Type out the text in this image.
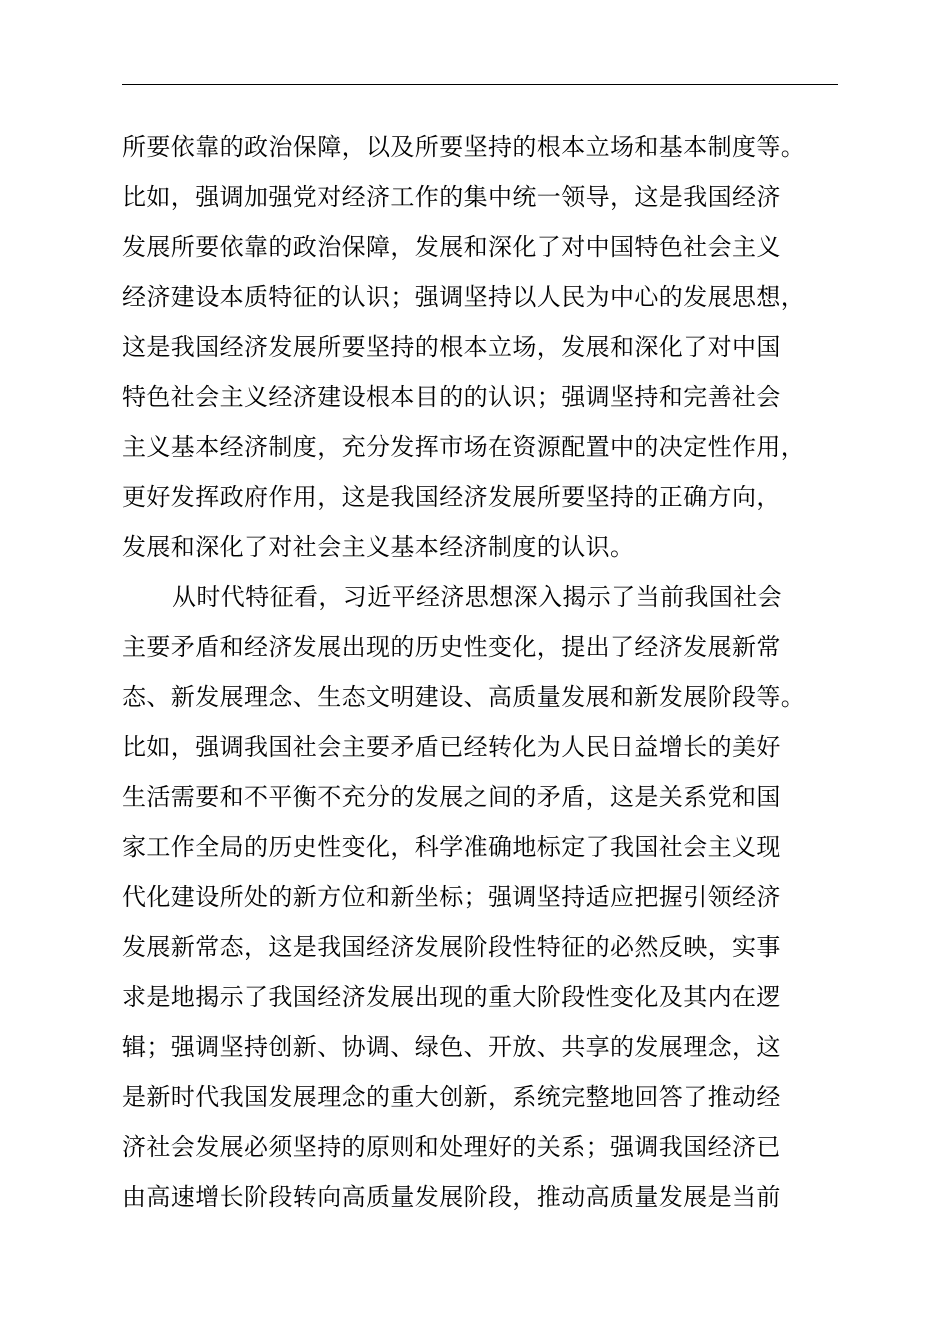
所要依靠的政治保障，以及所要坚持的根本立场和基本制度等。
比如，强调加强党对经济工作的集中统一领导，这是我国经济
发展所要依靠的政治保障，发展和深化了对中国特色社会主义
经济建设本质特征的认识；强调坚持以人民为中心的发展思想，
这是我国经济发展所要坚持的根本立场，发展和深化了对中国
特色社会主义经济建设根本目的的认识；强调坚持和完善社会
主义基本经济制度，充分发挥市场在资源配置中的决定性作用，
更好发挥政府作用，这是我国经济发展所要坚持的正确方向，
发展和深化了对社会主义基本经济制度的认识。
从时代特征看，习近平经济思想深入揭示了当前我国社会
主要矛盾和经济发展出现的历史性变化，提出了经济发展新常
态、新发展理念、生态文明建设、高质量发展和新发展阶段等。
比如，强调我国社会主要矛盾已经转化为人民日益增长的美好
生活需要和不平衡不充分的发展之间的矛盾，这是关系党和国
家工作全局的历史性变化，科学准确地标定了我国社会主义现
代化建设所处的新方位和新坐标；强调坚持适应把握引领经济
发展新常态，这是我国经济发展阶段性特征的必然反映，实事
求是地揭示了我国经济发展出现的重大阶段性变化及其内在逻
辑；强调坚持创新、协调、绿色、开放、共享的发展理念，这
是新时代我国发展理念的重大创新，系统完整地回答了推动经
济社会发展必须坚持的原则和处理好的关系；强调我国经济已
由高速增长阶段转向高质量发展阶段，推动高质量发展是当前
